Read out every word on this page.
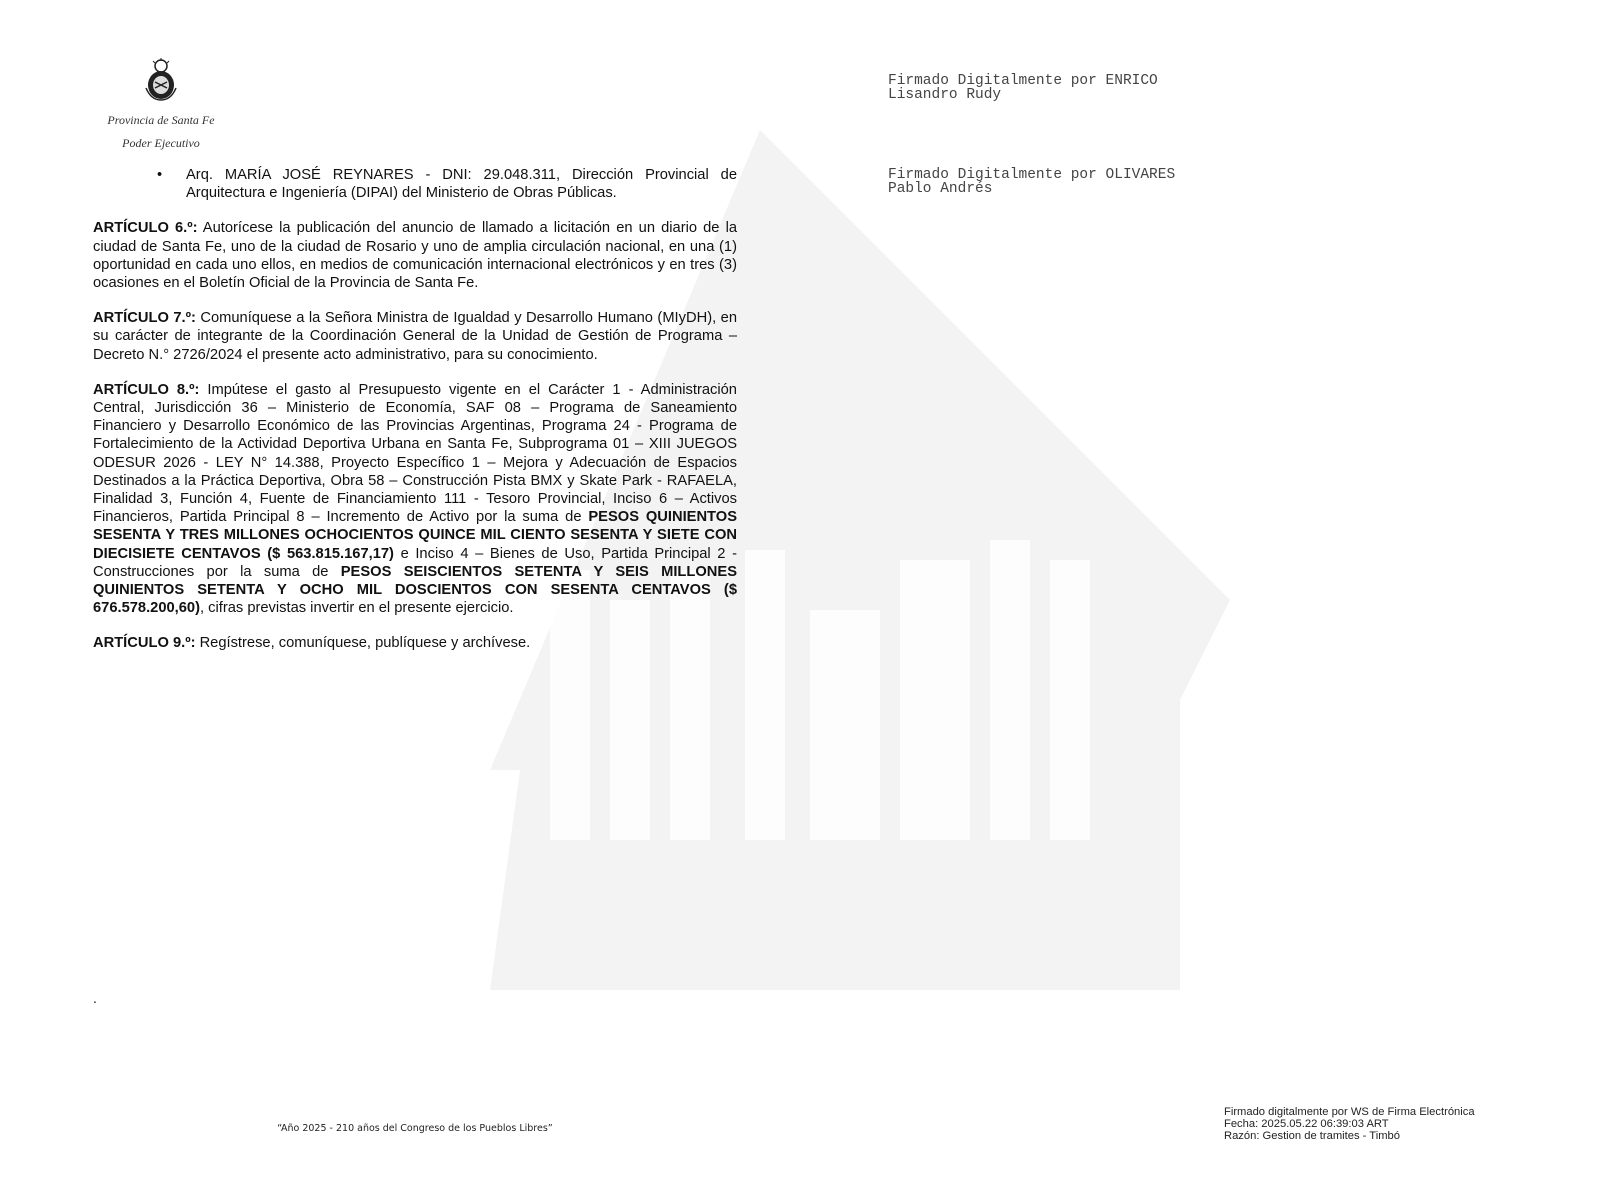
Provincia de Santa Fe
Poder Ejecutivo
Firmado Digitalmente por ENRICO
Lisandro Rudy
Firmado Digitalmente por OLIVARES
Pablo Andrés

• Arq. MARÍA JOSÉ REYNARES - DNI: 29.048.311, Dirección Provincial de Arquitectura e Ingeniería (DIPAI) del Ministerio de Obras Públicas.

ARTÍCULO 6.º: Autorícese la publicación del anuncio de llamado a licitación en un diario de la ciudad de Santa Fe, uno de la ciudad de Rosario y uno de amplia circulación nacional, en una (1) oportunidad en cada uno ellos, en medios de comunicación internacional electrónicos y en tres (3) ocasiones en el Boletín Oficial de la Provincia de Santa Fe.

ARTÍCULO 7.º: Comuníquese a la Señora Ministra de Igualdad y Desarrollo Humano (MIyDH), en su carácter de integrante de la Coordinación General de la Unidad de Gestión de Programa – Decreto N.° 2726/2024 el presente acto administrativo, para su conocimiento.

ARTÍCULO 8.º: Impútese el gasto al Presupuesto vigente en el Carácter 1 - Administración Central, Jurisdicción 36 – Ministerio de Economía, SAF 08 – Programa de Saneamiento Financiero y Desarrollo Económico de las Provincias Argentinas, Programa 24 - Programa de Fortalecimiento de la Actividad Deportiva Urbana en Santa Fe, Subprograma 01 – XIII JUEGOS ODESUR 2026 - LEY N° 14.388, Proyecto Específico 1 – Mejora y Adecuación de Espacios Destinados a la Práctica Deportiva, Obra 58 – Construcción Pista BMX y Skate Park - RAFAELA, Finalidad 3, Función 4, Fuente de Financiamiento 111 - Tesoro Provincial, Inciso 6 – Activos Financieros, Partida Principal 8 – Incremento de Activo por la suma de PESOS QUINIENTOS SESENTA Y TRES MILLONES OCHOCIENTOS QUINCE MIL CIENTO SESENTA Y SIETE CON DIECISIETE CENTAVOS ($ 563.815.167,17) e Inciso 4 – Bienes de Uso, Partida Principal 2 - Construcciones por la suma de PESOS SEISCIENTOS SETENTA Y SEIS MILLONES QUINIENTOS SETENTA Y OCHO MIL DOSCIENTOS CON SESENTA CENTAVOS ($ 676.578.200,60), cifras previstas invertir en el presente ejercicio.

ARTÍCULO 9.º: Regístrese, comuníquese, publíquese y archívese.

.
“Año 2025 - 210 años del Congreso de los Pueblos Libres”
Firmado digitalmente por WS de Firma Electrónica
Fecha: 2025.05.22 06:39:03 ART
Razón: Gestion de tramites - Timbó
